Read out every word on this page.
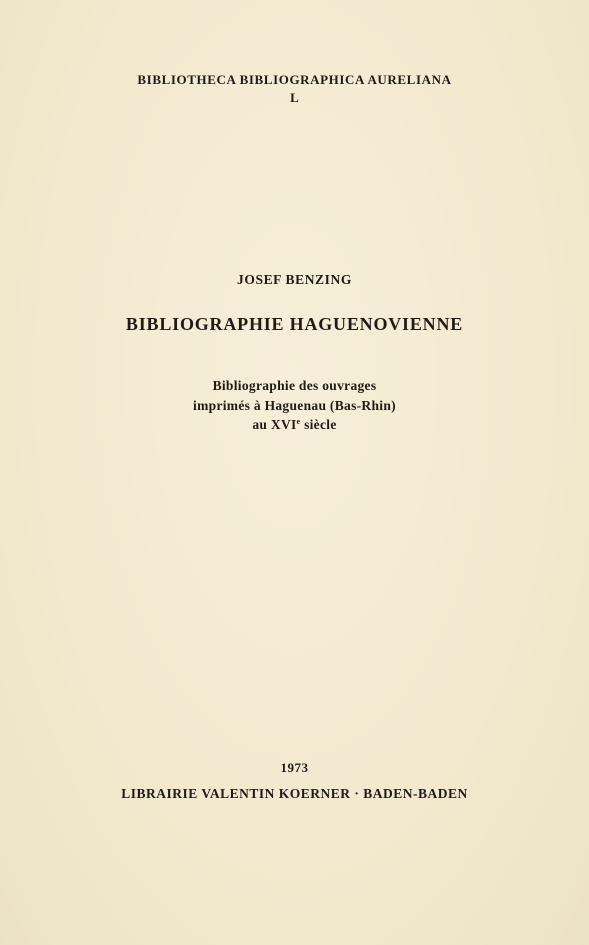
BIBLIOTHECA BIBLIOGRAPHICA AURELIANA
L
JOSEF BENZING
BIBLIOGRAPHIE HAGUENOVIENNE
Bibliographie des ouvrages
imprimés à Haguenau (Bas-Rhin)
au XVIe siècle
1973
LIBRAIRIE VALENTIN KOERNER · BADEN-BADEN
